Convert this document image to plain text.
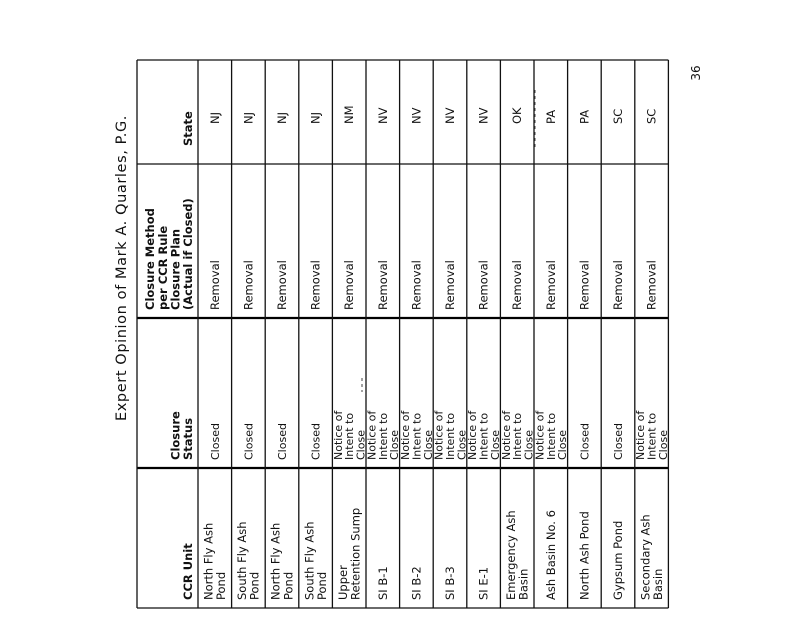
Expert Opinion of Mark A. Quarles, P.G.
36
CCR Unit
ClosureStatus
Closure Methodper CCR RuleClosure Plan(Actual if Closed)
State
North Fly AshPond
Closed
Removal
NJ
South Fly AshPond
Closed
Removal
NJ
North Fly AshPond
Closed
Removal
NJ
South Fly AshPond
Closed
Removal
NJ
UpperRetention Sump
Notice ofIntent toClose
Removal
NM
SI B-1
Notice ofIntent toClose
Removal
NV
SI B-2
Notice ofIntent toClose
Removal
NV
SI B-3
Notice ofIntent toClose
Removal
NV
SI E-1
Notice ofIntent toClose
Removal
NV
Emergency AshBasin
Notice ofIntent toClose
Removal
OK
Ash Basin No. 6
Notice ofIntent toClose
Removal
PA
North Ash Pond
Closed
Removal
PA
Gypsum Pond
Closed
Removal
SC
Secondary AshBasin
Notice ofIntent toClose
Removal
SC
